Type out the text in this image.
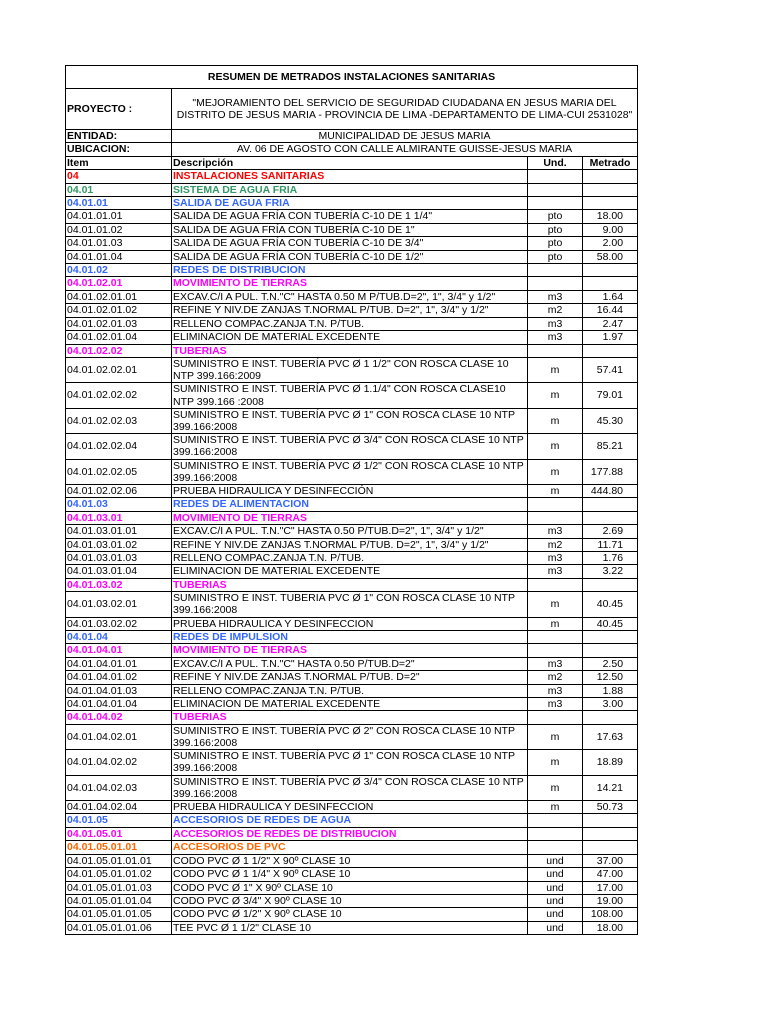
RESUMEN DE METRADOS INSTALACIONES SANITARIAS			
PROYECTO :	"MEJORAMIENTO DEL SERVICIO DE SEGURIDAD CIUDADANA EN JESUS MARIA DEL DISTRITO DE JESUS MARIA - PROVINCIA DE LIMA -DEPARTAMENTO DE LIMA-CUI 2531028"		
ENTIDAD:	MUNICIPALIDAD DE JESUS MARIA		
UBICACION:	AV. 06 DE AGOSTO CON CALLE ALMIRANTE GUISSE-JESUS MARIA		
Item	Descripción	Und.	Metrado
04	INSTALACIONES SANITARIAS		
04.01	SISTEMA DE AGUA FRIA		
04.01.01	SALIDA DE AGUA FRIA		
04.01.01.01	SALIDA DE AGUA FRÍA CON TUBERÍA C-10 DE 1 1/4"	pto	18.00
04.01.01.02	SALIDA DE AGUA FRÍA CON TUBERÍA C-10 DE 1"	pto	9.00
04.01.01.03	SALIDA DE AGUA FRÍA CON TUBERÍA C-10 DE 3/4"	pto	2.00
04.01.01.04	SALIDA DE AGUA FRÍA CON TUBERÍA C-10 DE 1/2"	pto	58.00
04.01.02	REDES DE DISTRIBUCION		
04.01.02.01	MOVIMIENTO DE TIERRAS		
04.01.02.01.01	EXCAV.C/I A PUL. T.N."C" HASTA 0.50 M P/TUB.D=2", 1", 3/4" y 1/2"	m3	1.64
04.01.02.01.02	REFINE Y NIV.DE ZANJAS T.NORMAL P/TUB. D=2", 1", 3/4" y 1/2"	m2	16.44
04.01.02.01.03	RELLENO COMPAC.ZANJA T.N. P/TUB.	m3	2.47
04.01.02.01.04	ELIMINACION DE MATERIAL EXCEDENTE	m3	1.97
04.01.02.02	TUBERIAS		
04.01.02.02.01	SUMINISTRO E INST. TUBERÍA PVC Ø 1 1/2" CON ROSCA CLASE 10 NTP 399.166:2009	m	57.41
04.01.02.02.02	SUMINISTRO E INST. TUBERÍA PVC Ø 1.1/4" CON ROSCA CLASE10 NTP 399.166 :2008	m	79.01
04.01.02.02.03	SUMINISTRO E INST. TUBERÍA PVC Ø 1" CON ROSCA CLASE 10 NTP 399.166:2008	m	45.30
04.01.02.02.04	SUMINISTRO E INST. TUBERÍA PVC Ø 3/4" CON ROSCA CLASE 10 NTP 399.166:2008	m	85.21
04.01.02.02.05	SUMINISTRO E INST. TUBERÍA PVC Ø 1/2" CON ROSCA CLASE 10 NTP 399.166:2008	m	177.88
04.01.02.02.06	PRUEBA HIDRAULICA Y DESINFECCIÓN	m	444.80
04.01.03	REDES DE ALIMENTACION		
04.01.03.01	MOVIMIENTO DE TIERRAS		
04.01.03.01.01	EXCAV.C/I A PUL. T.N."C" HASTA 0.50 P/TUB.D=2", 1", 3/4" y 1/2"	m3	2.69
04.01.03.01.02	REFINE Y NIV.DE ZANJAS T.NORMAL P/TUB. D=2", 1", 3/4" y 1/2"	m2	11.71
04.01.03.01.03	RELLENO COMPAC.ZANJA T.N. P/TUB.	m3	1.76
04.01.03.01.04	ELIMINACION DE MATERIAL EXCEDENTE	m3	3.22
04.01.03.02	TUBERIAS		
04.01.03.02.01	SUMINISTRO E INST. TUBERIA PVC Ø 1" CON ROSCA CLASE 10 NTP 399.166:2008	m	40.45
04.01.03.02.02	PRUEBA HIDRAULICA Y DESINFECCION	m	40.45
04.01.04	REDES DE IMPULSION		
04.01.04.01	MOVIMIENTO DE TIERRAS		
04.01.04.01.01	EXCAV.C/I A PUL. T.N."C" HASTA 0.50 P/TUB.D=2"	m3	2.50
04.01.04.01.02	REFINE Y NIV.DE ZANJAS T.NORMAL P/TUB. D=2"	m2	12.50
04.01.04.01.03	RELLENO COMPAC.ZANJA T.N. P/TUB.	m3	1.88
04.01.04.01.04	ELIMINACION DE MATERIAL EXCEDENTE	m3	3.00
04.01.04.02	TUBERIAS		
04.01.04.02.01	SUMINISTRO E INST. TUBERÍA PVC Ø 2" CON ROSCA CLASE 10 NTP 399.166:2008	m	17.63
04.01.04.02.02	SUMINISTRO E INST. TUBERÍA PVC Ø 1" CON ROSCA CLASE 10 NTP 399.166:2008	m	18.89
04.01.04.02.03	SUMINISTRO E INST. TUBERÍA PVC Ø 3/4" CON ROSCA CLASE 10 NTP 399.166:2008	m	14.21
04.01.04.02.04	PRUEBA HIDRAULICA Y DESINFECCION	m	50.73
04.01.05	ACCESORIOS DE REDES DE AGUA		
04.01.05.01	ACCESORIOS DE REDES DE DISTRIBUCION		
04.01.05.01.01	ACCESORIOS DE PVC		
04.01.05.01.01.01	CODO PVC Ø 1 1/2" X 90º CLASE 10	und	37.00
04.01.05.01.01.02	CODO PVC Ø 1 1/4" X 90º CLASE 10	und	47.00
04.01.05.01.01.03	CODO PVC Ø 1" X 90º CLASE 10	und	17.00
04.01.05.01.01.04	CODO PVC Ø 3/4" X 90º CLASE 10	und	19.00
04.01.05.01.01.05	CODO PVC Ø 1/2" X 90º CLASE 10	und	108.00
04.01.05.01.01.06	TEE PVC Ø 1 1/2" CLASE 10	und	18.00
